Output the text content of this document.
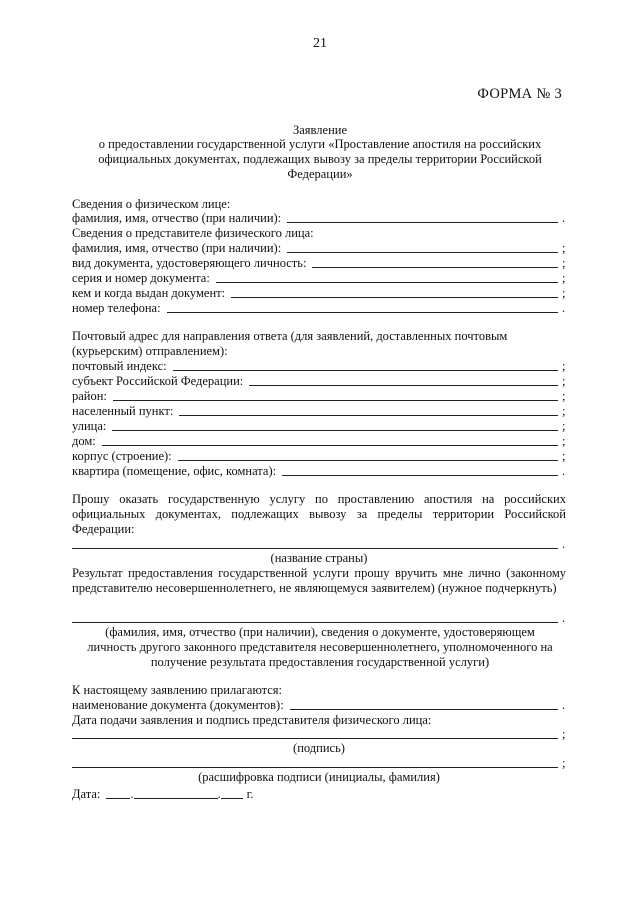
21
ФОРМА № 3
Заявление
о предоставлении государственной услуги «Проставление апостиля на российских официальных документах, подлежащих вывозу за пределы территории Российской Федерации»
Сведения о физическом лице:
фамилия, имя, отчество (при наличии):	.
Сведения о представителе физического лица:
фамилия, имя, отчество (при наличии):	;
вид документа, удостоверяющего личность:	;
серия и номер документа:	;
кем и когда выдан документ:	;
номер телефона:	.
Почтовый адрес для направления ответа (для заявлений, доставленных почтовым (курьерским) отправлением):
почтовый индекс:	;
субъект Российской Федерации:	;
район:	;
населенный пункт:	;
улица:	;
дом:	;
корпус (строение):	;
квартира (помещение, офис, комната):	.
Прошу оказать государственную услугу по проставлению апостиля на российских официальных документах, подлежащих вывозу за пределы территории Российской Федерации:
.
(название страны)
Результат предоставления государственной услуги прошу вручить мне лично (законному представителю несовершеннолетнего, не являющемуся заявителем) (нужное подчеркнуть)
.
(фамилия, имя, отчество (при наличии), сведения о документе, удостоверяющем личность другого законного представителя несовершеннолетнего, уполномоченного на получение результата предоставления государственной услуги)
К настоящему заявлению прилагаются:
наименование документа (документов):	.
Дата подачи заявления и подпись представителя физического лица:
;
(подпись)
;
(расшифровка подписи (инициалы, фамилия)
Дата: .	. г.
